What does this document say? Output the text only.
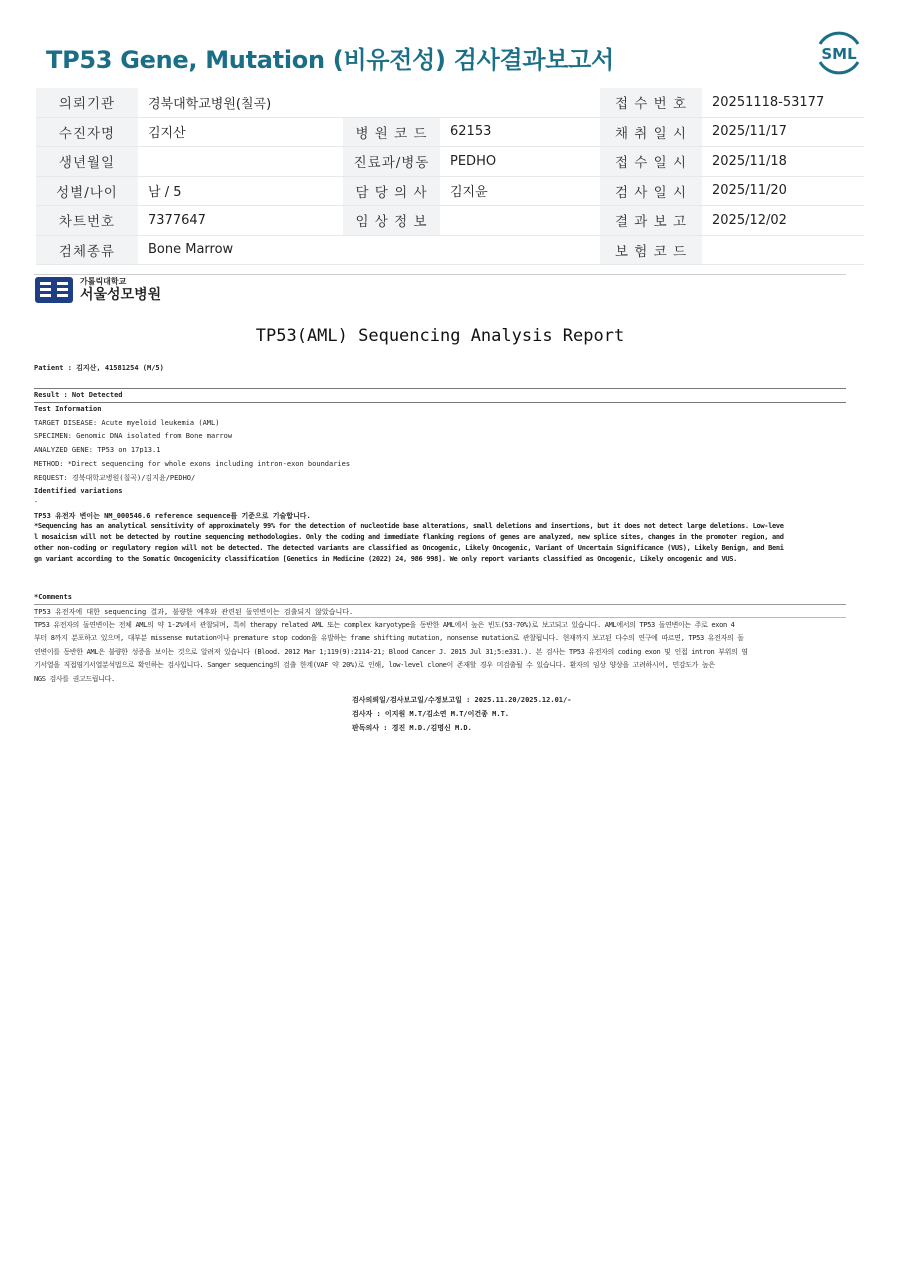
TP53 Gene, Mutation (비유전성) 검사결과보고서	SML
의뢰기관	경북대학교병원(칠곡)			접 수 번 호	20251118-53177
수진자명	김지산	병 원 코 드	62153	채 취 일 시	2025/11/17
생년월일		진료과/병동	PEDHO	접 수 일 시	2025/11/18
성별/나이	남 / 5	담 당 의 사	김지윤	검 사 일 시	2025/11/20
차트번호	7377647	임 상 정 보		결 과 보 고	2025/12/02
검체종류	Bone Marrow			보 험 코 드	
가톨릭대학교
서울성모병원
TP53(AML) Sequencing Analysis Report
Patient : 김지산, 41581254 (M/5)
Result : Not Detected
Test Information
TARGET DISEASE: Acute myeloid leukemia (AML)
SPECIMEN: Genomic DNA isolated from Bone marrow
ANALYZED GENE: TP53 on 17p13.1
METHOD: *Direct sequencing for whole exons including intron-exon boundaries
REQUEST: 경북대학교병원(칠곡)/김지윤/PEDHO/
Identified variations
-
TP53 유전자 변이는 NM_000546.6 reference sequence를 기준으로 기술합니다.
*Sequencing has an analytical sensitivity of approximately 99% for the detection of nucleotide base alterations, small deletions and insertions, but it does not detect large deletions. Low-leve
l mosaicism will not be detected by routine sequencing methodologies. Only the coding and immediate flanking regions of genes are analyzed, new splice sites, changes in the promoter region, and
other non-coding or regulatory region will not be detected. The detected variants are classified as Oncogenic, Likely Oncogenic, Variant of Uncertain Significance (VUS), Likely Benign, and Beni
gn variant according to the Somatic Oncogenicity classification [Genetics in Medicine (2022) 24, 986 998]. We only report variants classified as Oncogenic, Likely oncogenic and VUS.
*Comments
TP53 유전자에 대한 sequencing 결과, 불량한 예후와 관련된 돌연변이는 검출되지 않았습니다.
TP53 유전자의 돌연변이는 전체 AML의 약 1-2%에서 관찰되며, 특히 therapy related AML 또는 complex karyotype을 동반한 AML에서 높은 빈도(53-70%)로 보고되고 있습니다. AML에서의 TP53 돌연변이는 주로 exon 4
부터 8까지 분포하고 있으며, 대부분 missense mutation이나 premature stop codon을 유발하는 frame shifting mutation, nonsense mutation로 관찰됩니다. 현재까지 보고된 다수의 연구에 따르면, TP53 유전자의 돌
연변이를 동반한 AML은 불량한 성증을 보이는 것으로 알려져 있습니다 (Blood. 2012 Mar 1;119(9):2114-21; Blood Cancer J. 2015 Jul 31;5:e331.). 본 검사는 TP53 유전자의 coding exon 및 인접 intron 부위의 염
기서열을 직접염기서열분석법으로 확인하는 검사입니다. Sanger sequencing의 검출 한계(VAF 약 20%)로 인해, low-level clone이 존재할 경우 미검출될 수 있습니다. 환자의 임상 양상을 고려하시어, 민감도가 높은
NGS 검사를 권고드립니다.
검사의뢰일/검사보고일/수정보고일 : 2025.11.20/2025.12.01/-
검사자 : 이지원 M.T/김소연 M.T/이건종 M.T.
판독의사 : 경진 M.D./김명신 M.D.
